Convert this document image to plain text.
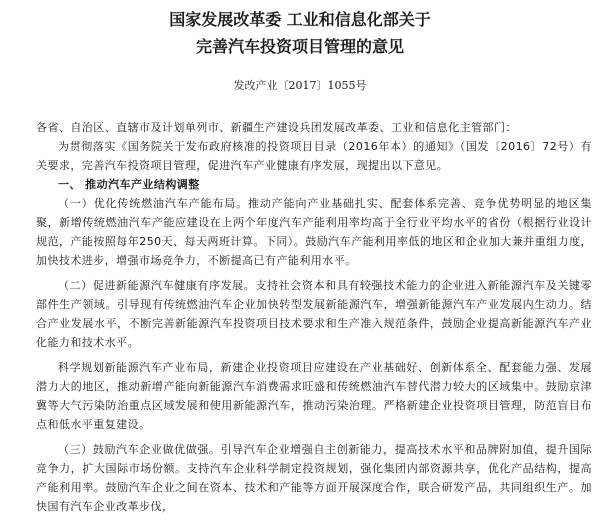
国家发展改革委 工业和信息化部关于
完善汽车投资项目管理的意见
发改产业〔2017〕1055号

各省、自治区、直辖市及计划单列市、新疆生产建设兵团发展改革委、工业和信息化主管部门：

为贯彻落实《国务院关于发布政府核准的投资项目目录（2016年本）的通知》（国发〔2016〕72号）有关要求，完善汽车投资项目管理，促进汽车产业健康有序发展，现提出以下意见。

一、 推动汽车产业结构调整

（一）优化传统燃油汽车产能布局。推动产能向产业基础扎实、配套体系完善、竞争优势明显的地区集聚，新增传统燃油汽车产能应建设在上两个年度汽车产能利用率均高于全行业平均水平的省份（根据行业设计规范，产能按照每年250天、每天两班计算。下同）。鼓励汽车产能利用率低的地区和企业加大兼并重组力度，加快技术进步，增强市场竞争力，不断提高已有产能利用水平。

（二）促进新能源汽车健康有序发展。支持社会资本和具有较强技术能力的企业进入新能源汽车及关键零部件生产领域。引导现有传统燃油汽车企业加快转型发展新能源汽车，增强新能源汽车产业发展内生动力。结合产业发展水平，不断完善新能源汽车投资项目技术要求和生产准入规范条件，鼓励企业提高新能源汽车产业化能力和技术水平。

科学规划新能源汽车产业布局，新建企业投资项目应建设在产业基础好、创新体系全、配套能力强、发展潜力大的地区，推动新增产能向新能源汽车消费需求旺盛和传统燃油汽车替代潜力较大的区域集中。鼓励京津冀等大气污染防治重点区域发展和使用新能源汽车，推动污染治理。严格新建企业投资项目管理，防范盲目布点和低水平重复建设。

（三）鼓励汽车企业做优做强。引导汽车企业增强自主创新能力，提高技术水平和品牌附加值，提升国际竞争力，扩大国际市场份额。支持汽车企业科学制定投资规划，强化集团内部资源共享，优化产品结构，提高产能利用率。鼓励汽车企业之间在资本、技术和产能等方面开展深度合作，联合研发产品，共同组织生产。加快国有汽车企业改革步伐，
